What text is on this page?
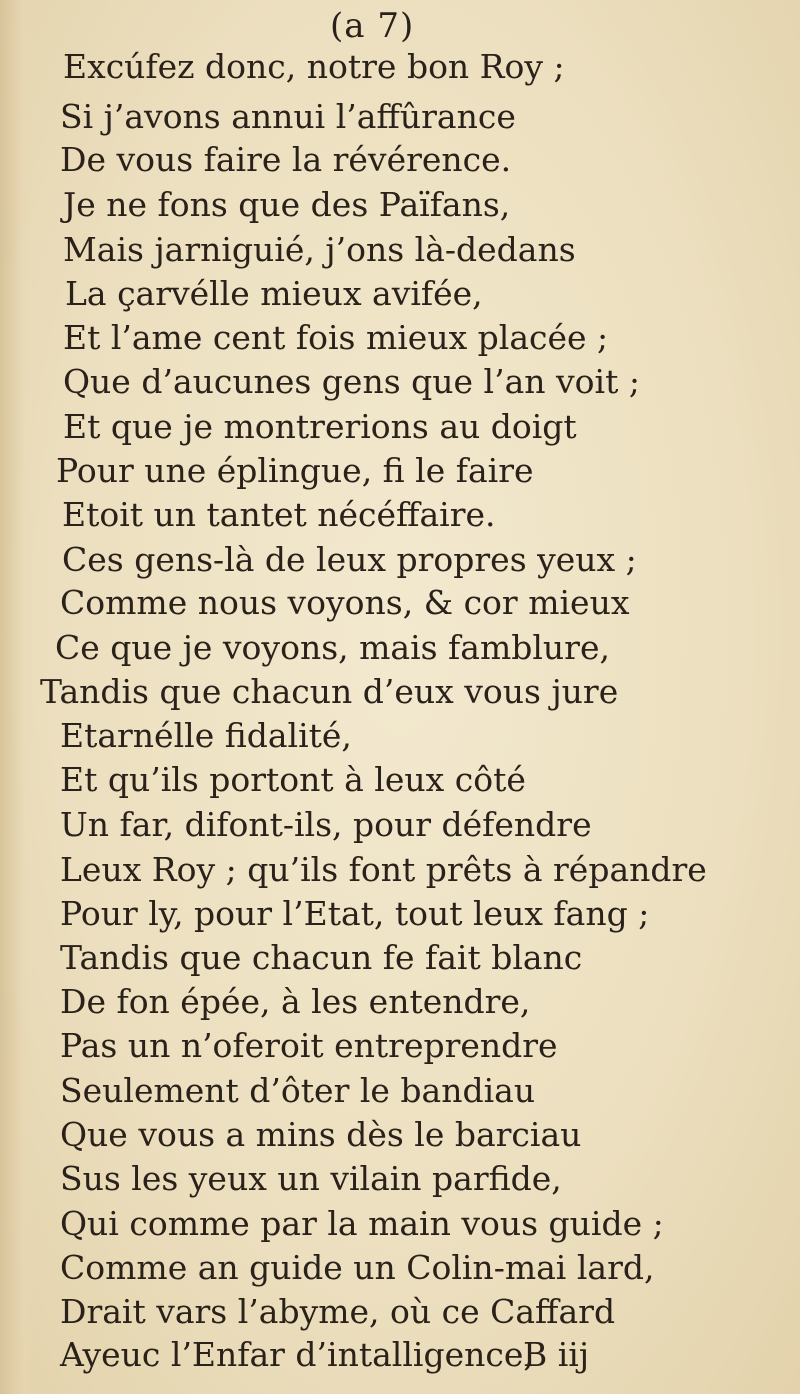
(a 7)
Excúfez donc, notre bon Roy ;
Si j’avons annui l’affûrance
De vous faire la révérence.
Je ne fons que des Païfans,
Mais jarniguié, j’ons là-dedans
La çarvélle mieux avifée,
Et l’ame cent fois mieux placée ;
Que d’aucunes gens que l’an voit ;
Et que je montrerions au doigt
Pour une éplingue, fi le faire
Etoit un tantet nécéffaire.
Ces gens-là de leux propres yeux ;
Comme nous voyons, & cor mieux
Ce que je voyons, mais famblure,
Tandis que chacun d’eux vous jure
Etarnélle fidalité,
Et qu’ils portont à leux côté
Un far, difont-ils, pour défendre
Leux Roy ; qu’ils font prêts à répandre
Pour ly, pour l’Etat, tout leux fang ;
Tandis que chacun fe fait blanc
De fon épée, à les entendre,
Pas un n’oferoit entreprendre
Seulement d’ôter le bandiau
Que vous a mins dès le barciau
Sus les yeux un vilain parfide,
Qui comme par la main vous guide ;
Comme an guide un Colin-mai lard,
Drait vars l’abyme, où ce Caffard
Ayeuc l’Enfar d’intalligence,
B iij
